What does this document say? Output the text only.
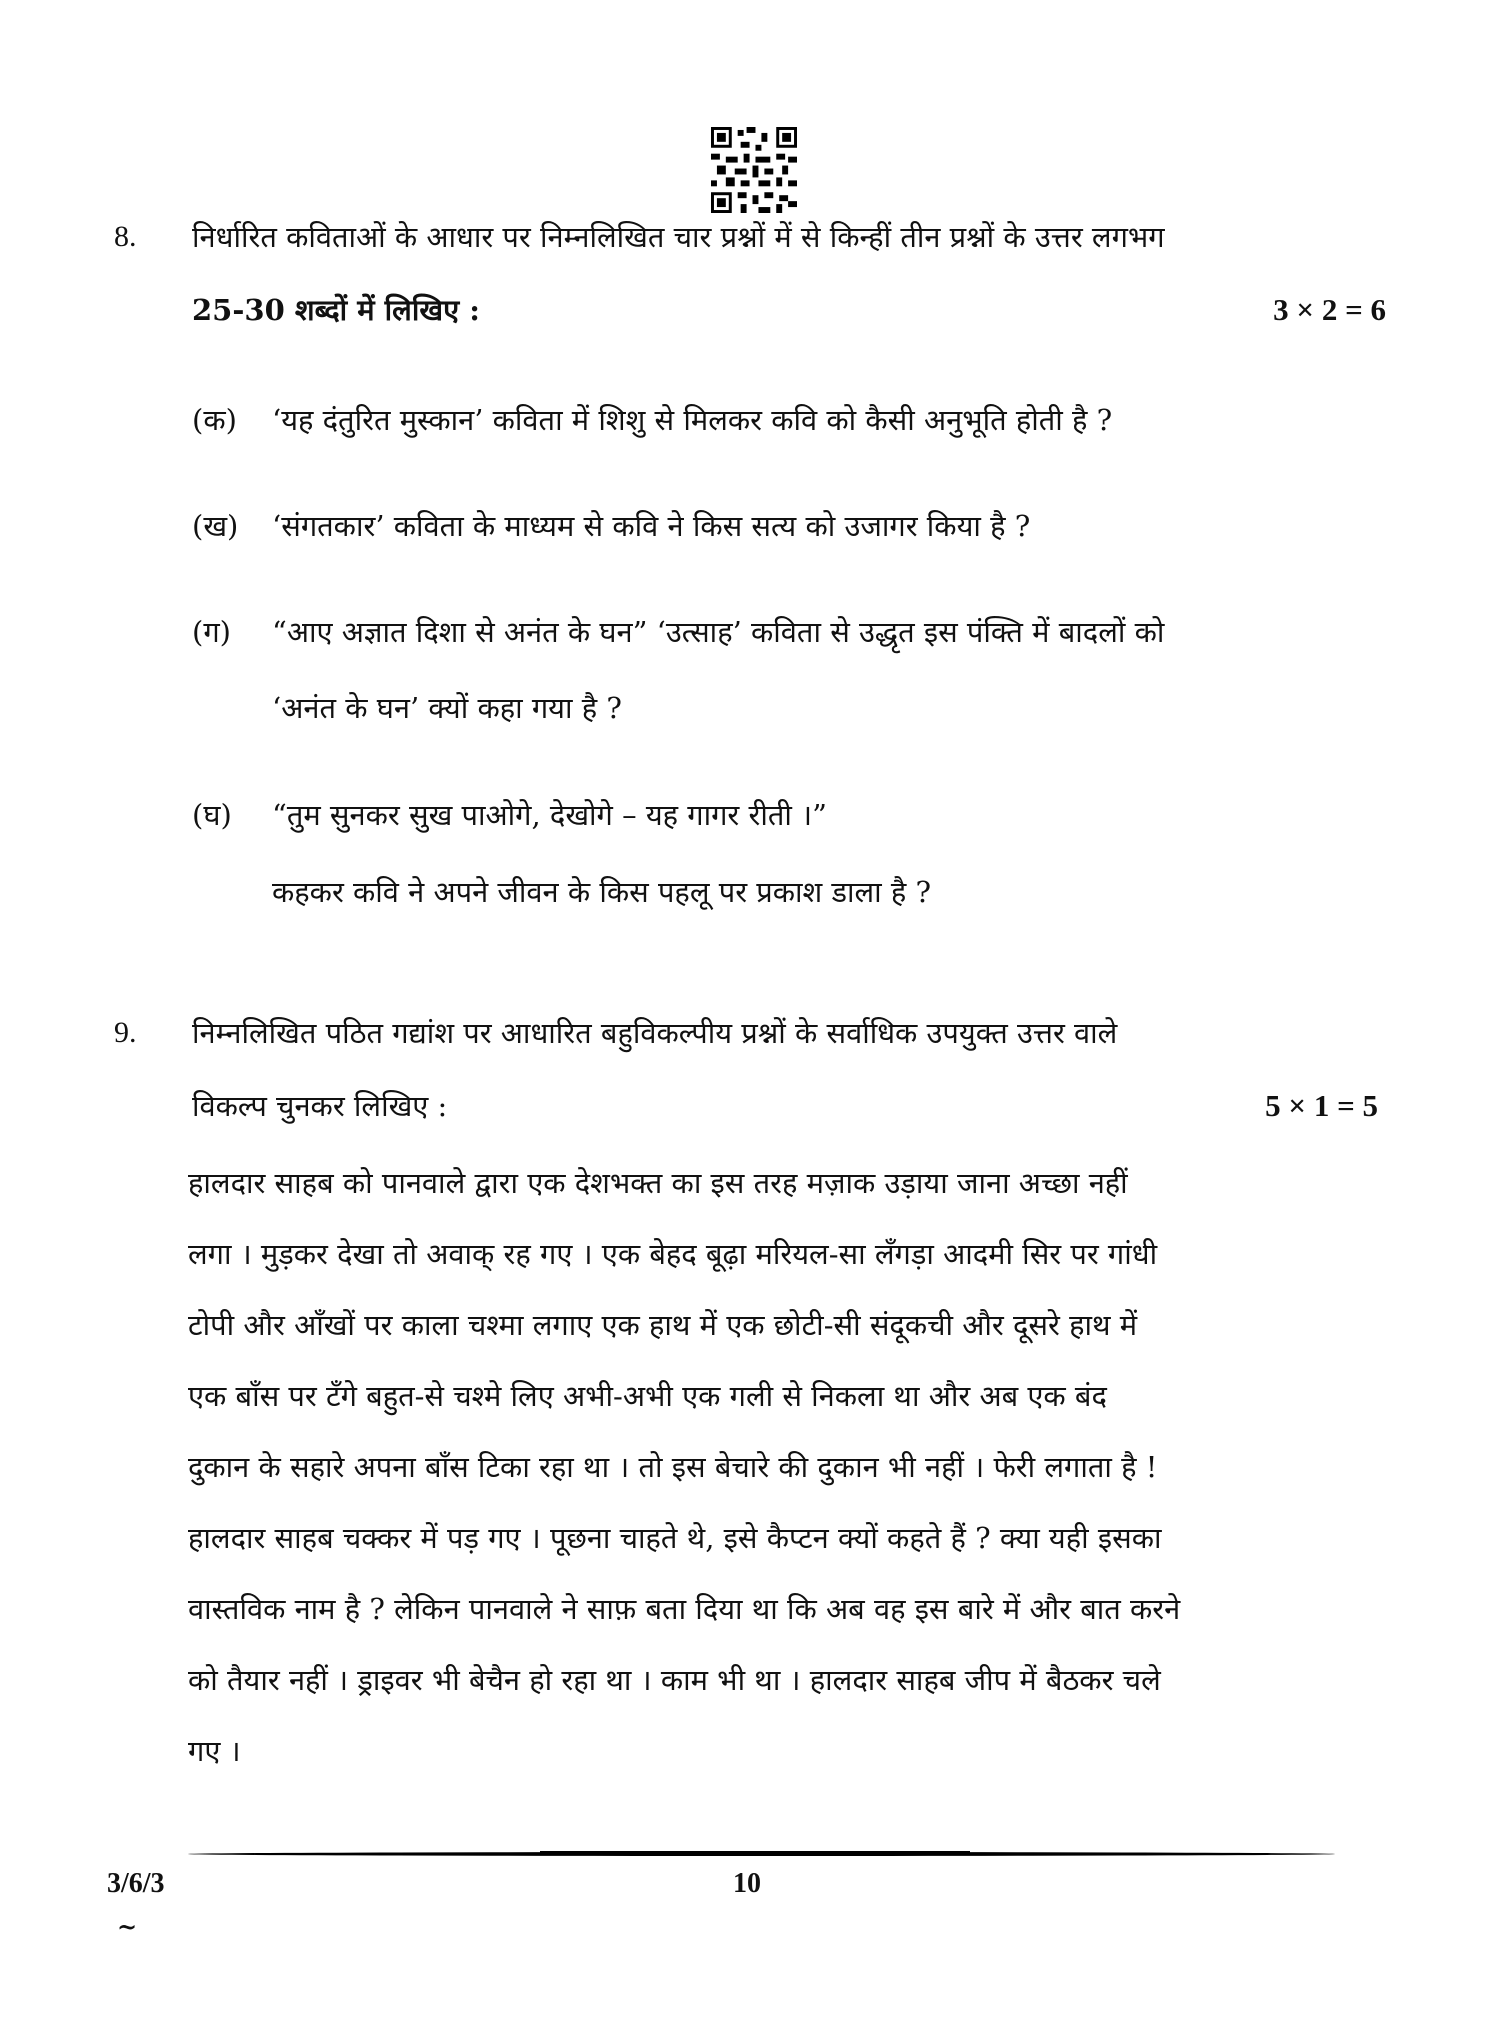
8. निर्धारित कविताओं के आधार पर निम्नलिखित चार प्रश्नों में से किन्हीं तीन प्रश्नों के उत्तर लगभग
25-30 शब्दों में लिखिए :	3 × 2 = 6
(क) ‘यह दंतुरित मुस्कान’ कविता में शिशु से मिलकर कवि को कैसी अनुभूति होती है ?
(ख) ‘संगतकार’ कविता के माध्यम से कवि ने किस सत्य को उजागर किया है ?
(ग) “आए अज्ञात दिशा से अनंत के घन” ‘उत्साह’ कविता से उद्धृत इस पंक्ति में बादलों को
‘अनंत के घन’ क्यों कहा गया है ?
(घ) “तुम सुनकर सुख पाओगे, देखोगे – यह गागर रीती ।”
कहकर कवि ने अपने जीवन के किस पहलू पर प्रकाश डाला है ?
9. निम्नलिखित पठित गद्यांश पर आधारित बहुविकल्पीय प्रश्नों के सर्वाधिक उपयुक्त उत्तर वाले
विकल्प चुनकर लिखिए :	5 × 1 = 5
हालदार साहब को पानवाले द्वारा एक देशभक्त का इस तरह मज़ाक उड़ाया जाना अच्छा नहीं
लगा । मुड़कर देखा तो अवाक् रह गए । एक बेहद बूढ़ा मरियल-सा लँगड़ा आदमी सिर पर गांधी
टोपी और आँखों पर काला चश्मा लगाए एक हाथ में एक छोटी-सी संदूकची और दूसरे हाथ में
एक बाँस पर टँगे बहुत-से चश्मे लिए अभी-अभी एक गली से निकला था और अब एक बंद
दुकान के सहारे अपना बाँस टिका रहा था । तो इस बेचारे की दुकान भी नहीं । फेरी लगाता है !
हालदार साहब चक्कर में पड़ गए । पूछना चाहते थे, इसे कैप्टन क्यों कहते हैं ? क्या यही इसका
वास्तविक नाम है ? लेकिन पानवाले ने साफ़ बता दिया था कि अब वह इस बारे में और बात करने
को तैयार नहीं । ड्राइवर भी बेचैन हो रहा था । काम भी था । हालदार साहब जीप में बैठकर चले
गए ।
3/6/3	10
~
